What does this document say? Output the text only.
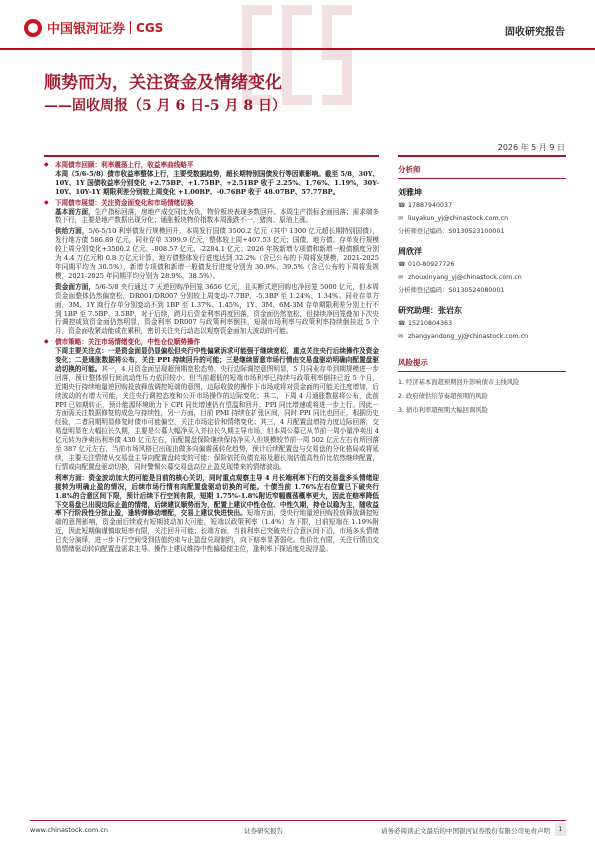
中国银河证券 CGS	固收研究报告
顺势而为，关注资金及情绪变化
——固收周报（5 月 6 日-5 月 8 日）
2026 年 5 月 9 日
◆ 本周债市回顾：利率震荡上行，收益率曲线略平

本周（5/6-5/8）债市收益率整体上行，主要受数据趋势，超长期特别国债发行等因素影响。截至 5/8，30Y、10Y、1Y 国债收益率分别变化 +2.75BP、+1.75BP、+2.51BP 收于 2.25%、1.76%、1.19%，30Y-10Y、10Y-1Y 期限利差分别较上周变化 +1.00BP、-0.76BP 收于 48.07BP、57.77BP。

◆ 下周债市展望：关注资金面变化和市场情绪切换

基本面方面，生产指标回落，房地产成交同比为负，物价板块表现多数回升。本周生产指标全面回落；需求端多数下行，主要是地产数据出现分化；通胀板块物价指数本周涨跌不一，猪肉、原油上涨。

供给方面，5/6-5/10 利率债发行规模回升，本周发行国债 3500.2 亿元（其中 1300 亿元超长期特别国债），发行地方债 586.89 亿元，同业存单 3399.9 亿元，整体较上周+407.53 亿元；国债、地方债、存单发行规模较上周分别变化+3500.2 亿元、-808.57 亿元、-2284.1 亿元；2026 年按新增专项债和新增一般债额度分别为 4.4 万亿元和 0.8 万亿元计算，地方债整体发行进度达到 32.2%（含已公布的下周将发规模，2021-2025 年同期平均为 30.5%），新增专项债和新增一般债发行进度分别为 30.9%、39.5%（含已公布的下周将发规模，2021-2025 年同期平均分别为 28.9%、38.5%）。

资金面方面，5/6-5/8 央行通过 7 天逆回购净回笼 3656 亿元，且买断式逆回购也净回笼 5000 亿元，但本周资金面整体仍然偏宽松，DR001/DR007 分别较上周变动-7.7BP、-5.3BP 至 1.24%、1.34%。同业存单方面，3M、1Y 商行存单分别变动不到 1BP 至 1.37%、1.45%，1Y、3M、6M-3M 存单期限利差分别上行不到 1BP 至 7.5BP、3.5BP，对于后续，跨月后资金利率再度回落，资金面仍然宽松，但持续净回笼叠加下次央行调控或致资金面仍然明显，资金利率 DR007 与政策利率倒挂，短端市场利率与政策利率持续倒挂近 5 个月，资金面收紧动能或在累积，密切关注央行动态以观察资金面加大波动的可能。

◆ 债市策略：关注市场情绪变化，中性仓位顺势操作

下周主要关注点：一是资金面显仍显偏松但央行中性偏紧诉求可能强于继续宽松，重点关注央行后续操作及资金变化；二是通胀数据将公布，关注 PPI 持续回升的可能；三是继续留意市场行情由交易盘驱动明确向配置盘驱动切换的可能。其一，4 月资金面呈现超预期宽松态势，央行边际调控意图明显，5 月同业存单到期规模进一步回落，预计整体银行间流动性压力依旧较小。但当前超低的短端市场利率已持续与政策利率倒挂已近 5 个月，近期央行持续地量逆回购投放释放调控短端的意图，边际收敛的操作下市场或将对资金面的可能关注度增加，后续波动的有增大可能，关注央行调控态度和公开市场操作的边际变化；其二，下周 4 月通胀数据将公布，此前 PPI 已如期转正，预计能源环境助力下 CPI 同比增速仍有望温和回升、PPI 同比增速或将进一步上行。因此一方面需关注数据修复的成色与持续性，另一方面，目前 PMI 持续在扩张区间，同时 PPI 同比也回正，根据历史经验，二者同期明显修复时债市可能偏空，关注市场定价和情绪变化；其三，4 月配置盘增持力度边际回落，交易盘明显在大幅拉长久期，主要是公募大幅净买入并拉长久期主导市场，但本周公募已从节前一周小量净卖出 4 亿元转为净卖出利率债 430 亿元左右，而配置盘保险继续保持净买入但规模较节前一周 502 亿元左右有所回落至 387 亿元左右，当前市场风格已出现由做多向偏震荡转化趋势，预计后续配置盘与交易盘的分化格局或将延续，主要关注情绪从交易盘主导向配置盘转变的可能：保险依托负债充裕及超长端估值高性价比依然继续配置，行情或向配置盘驱动切换，同时警惕公募交易盘高位止盈兑现带来的情绪波动。

利率方面：资金波动加大的可能是目前的核心关切，同时重点观察主导 4 月长端利率下行的交易盘多头情绪迎接转为明确止盈的情况，后续市场行情有向配置盘驱动切换的可能。十债当前 1.76%左右位置已下破央行 1.8%的合意区间下限，预计后续下行空间有限，短期 1.75%-1.8%附近窄幅震荡概率更大，因此在赔率降低下交易盘已出现边际止盈的情绪，后续建议顺势而为，配置上建议中性仓位、中性久期，持仓以稳为主，随收益率下行阶段性分批止盈，逢转弹修动增配，交易上建议快进快出。短端方面，受央行地量逆回购投放释放调控短端的意图影响，资金面后续或有短期波动加大可能，短端以政策利率（1.4%）为下限，目前短端在 1.19%附近，因此短期偏谨慎取短率有限，关注回升可能；长端方面，当前利率已突破央行合意区间下沿，市场多头情绪已充分演绎，进一步下行空间受到估值约束与止盈盘兑现制约，向下赔率显著弱化。性价比有限，关注行情由交易情绪驱动转向配置盘需求主导。操作上建议维持中性偏稳便主位，逢利率下探适度兑现浮盈。

分析师
刘雅坤
☎ 17887940037
✉ liuyakun_yj@chinastock.com.cn
分析师登记编码：S0130523100001
周欣洋
☎ 010-80927726
✉ zhouxinyang_yj@chinastock.com.cn
分析师登记编码：S0130524080001
研究助理：张岩东
☎ 15210804363
✉ zhangyandong_yj@chinastock.com.cn
风险提示
1. 经济基本面超预期回升影响债市主线风险
2. 政府债供给节奏超预期的风险
3. 债市利率超预期大幅回调风险
www.chinastock.com.cn	证券研究报告	请务必阅读正文最后的中国银河证券股份有限公司免责声明	1
